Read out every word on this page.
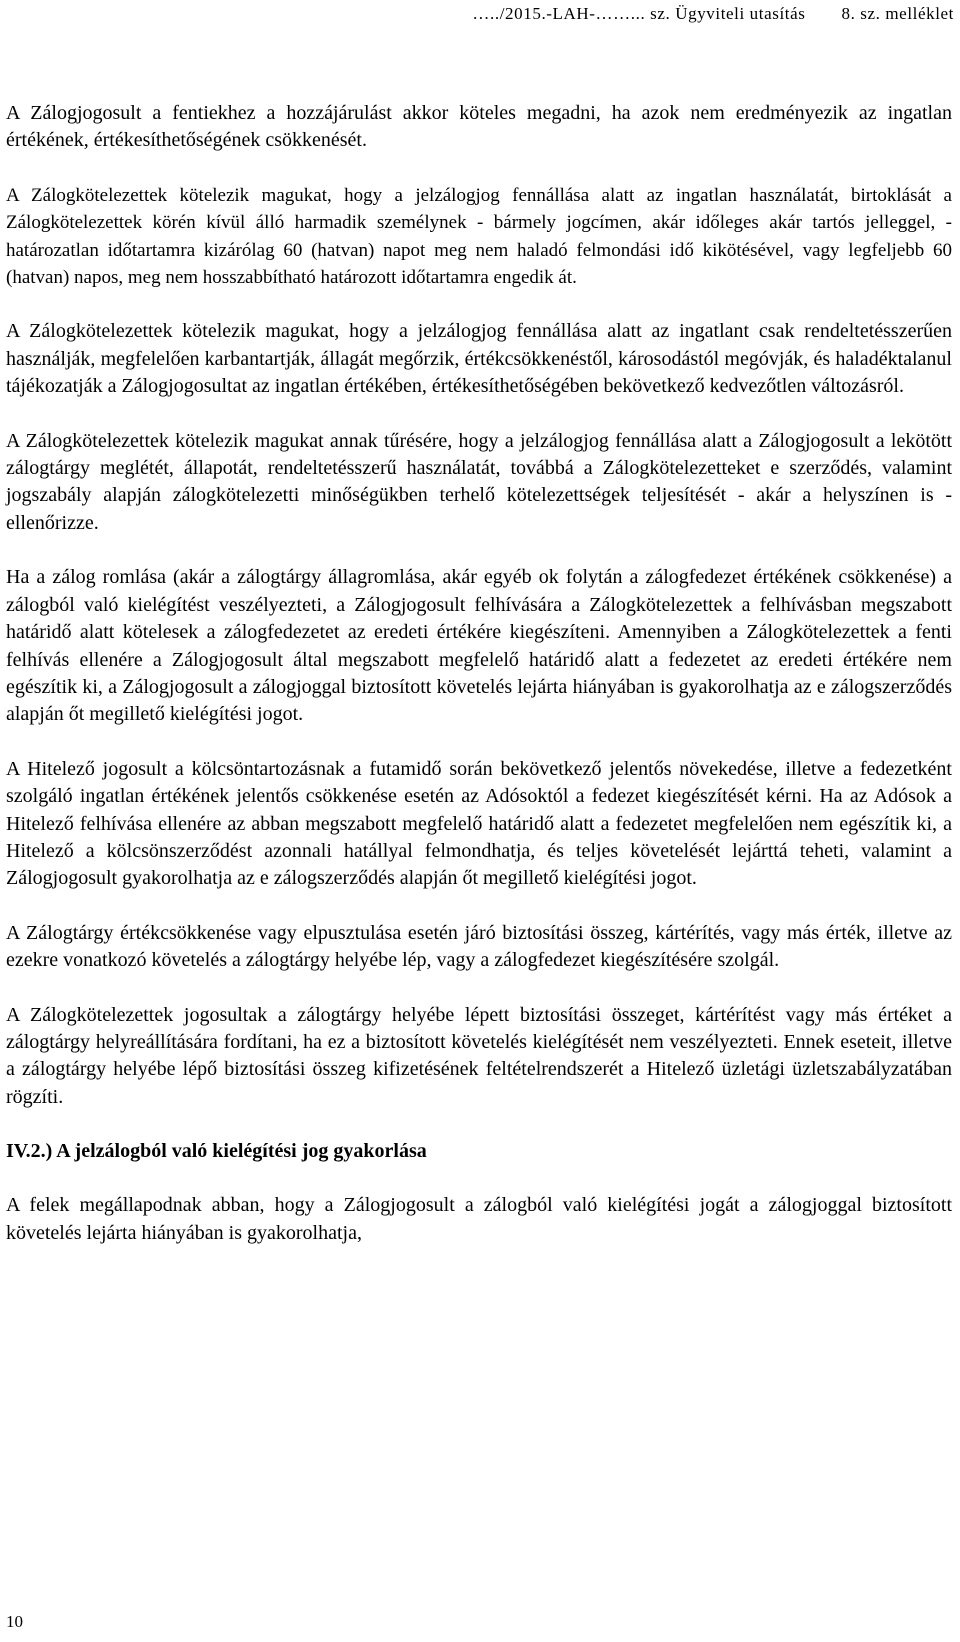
…../2015.-LAH-……... sz. Ügyviteli utasítás 8. sz. melléklet

A Zálogjogosult a fentiekhez a hozzájárulást akkor köteles megadni, ha azok nem eredményezik az ingatlan értékének, értékesíthetőségének csökkenését.

A Zálogkötelezettek kötelezik magukat, hogy a jelzálogjog fennállása alatt az ingatlan használatát, birtoklását a Zálogkötelezettek körén kívül álló harmadik személynek - bármely jogcímen, akár időleges akár tartós jelleggel, - határozatlan időtartamra kizárólag 60 (hatvan) napot meg nem haladó felmondási idő kikötésével, vagy legfeljebb 60 (hatvan) napos, meg nem hosszabbítható határozott időtartamra engedik át.

A Zálogkötelezettek kötelezik magukat, hogy a jelzálogjog fennállása alatt az ingatlant csak rendeltetésszerűen használják, megfelelően karbantartják, állagát megőrzik, értékcsökkenéstől, károsodástól megóvják, és haladéktalanul tájékozatják a Zálogjogosultat az ingatlan értékében, értékesíthetőségében bekövetkező kedvezőtlen változásról.

A Zálogkötelezettek kötelezik magukat annak tűrésére, hogy a jelzálogjog fennállása alatt a Zálogjogosult a lekötött zálogtárgy meglétét, állapotát, rendeltetésszerű használatát, továbbá a Zálogkötelezetteket e szerződés, valamint jogszabály alapján zálogkötelezetti minőségükben terhelő kötelezettségek teljesítését - akár a helyszínen is - ellenőrizze.

Ha a zálog romlása (akár a zálogtárgy állagromlása, akár egyéb ok folytán a zálogfedezet értékének csökkenése) a zálogból való kielégítést veszélyezteti, a Zálogjogosult felhívására a Zálogkötelezettek a felhívásban megszabott határidő alatt kötelesek a zálogfedezetet az eredeti értékére kiegészíteni. Amennyiben a Zálogkötelezettek a fenti felhívás ellenére a Zálogjogosult által megszabott megfelelő határidő alatt a fedezetet az eredeti értékére nem egészítik ki, a Zálogjogosult a zálogjoggal biztosított követelés lejárta hiányában is gyakorolhatja az e zálogszerződés alapján őt megillető kielégítési jogot.

A Hitelező jogosult a kölcsöntartozásnak a futamidő során bekövetkező jelentős növekedése, illetve a fedezetként szolgáló ingatlan értékének jelentős csökkenése esetén az Adósoktól a fedezet kiegészítését kérni. Ha az Adósok a Hitelező felhívása ellenére az abban megszabott megfelelő határidő alatt a fedezetet megfelelően nem egészítik ki, a Hitelező a kölcsönszerződést azonnali hatállyal felmondhatja, és teljes követelését lejárttá teheti, valamint a Zálogjogosult gyakorolhatja az e zálogszerződés alapján őt megillető kielégítési jogot.

A Zálogtárgy értékcsökkenése vagy elpusztulása esetén járó biztosítási összeg, kártérítés, vagy más érték, illetve az ezekre vonatkozó követelés a zálogtárgy helyébe lép, vagy a zálogfedezet kiegészítésére szolgál.

A Zálogkötelezettek jogosultak a zálogtárgy helyébe lépett biztosítási összeget, kártérítést vagy más értéket a zálogtárgy helyreállítására fordítani, ha ez a biztosított követelés kielégítését nem veszélyezteti. Ennek eseteit, illetve a zálogtárgy helyébe lépő biztosítási összeg kifizetésének feltételrendszerét a Hitelező üzletági üzletszabályzatában rögzíti.

IV.2.) A jelzálogból való kielégítési jog gyakorlása

A felek megállapodnak abban, hogy a Zálogjogosult a zálogból való kielégítési jogát a zálogjoggal biztosított követelés lejárta hiányában is gyakorolhatja,

10
